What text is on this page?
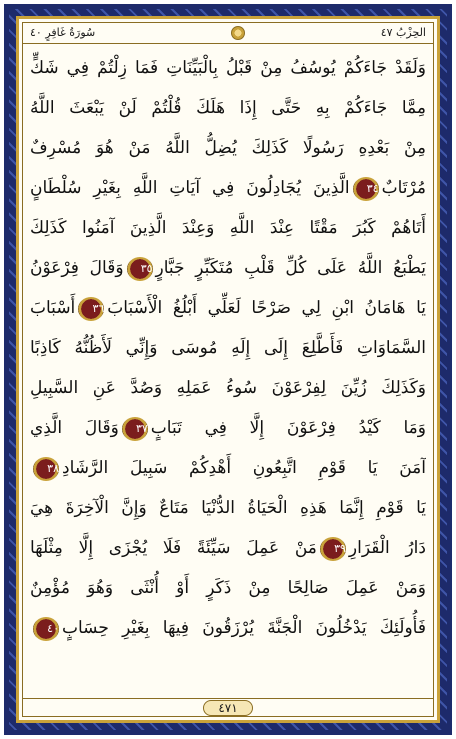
الحِزْبُ ٤٧
سُورَةُ غَافِرٍ ٤٠
وَلَقَدْ جَاءَكُمْ يُوسُفُ مِنْ قَبْلُ بِالْبَيِّنَاتِ فَمَا زِلْتُمْ فِي شَكٍّ
مِمَّا جَاءَكُمْ بِهِ حَتَّى إِذَا هَلَكَ قُلْتُمْ لَنْ يَبْعَثَ اللَّهُ
مِنْ بَعْدِهِ رَسُولًا كَذَلِكَ يُضِلُّ اللَّهُ مَنْ هُوَ مُسْرِفٌ
مُرْتَابٌ٣٤الَّذِينَ يُجَادِلُونَ فِي آيَاتِ اللَّهِ بِغَيْرِ سُلْطَانٍ
أَتَاهُمْ كَبُرَ مَقْتًا عِنْدَ اللَّهِ وَعِنْدَ الَّذِينَ آمَنُوا كَذَلِكَ
يَطْبَعُ اللَّهُ عَلَى كُلِّ قَلْبِ مُتَكَبِّرٍ جَبَّارٍ٣٥وَقَالَ فِرْعَوْنُ
يَا هَامَانُ ابْنِ لِي صَرْحًا لَعَلِّي أَبْلُغُ الْأَسْبَابَ٣٦أَسْبَابَ
السَّمَاوَاتِ فَأَطَّلِعَ إِلَى إِلَهِ مُوسَى وَإِنِّي لَأَظُنُّهُ كَاذِبًا
وَكَذَلِكَ زُيِّنَ لِفِرْعَوْنَ سُوءُ عَمَلِهِ وَصُدَّ عَنِ السَّبِيلِ
وَمَا كَيْدُ فِرْعَوْنَ إِلَّا فِي تَبَابٍ٣٧وَقَالَ الَّذِي
آمَنَ يَا قَوْمِ اتَّبِعُونِ أَهْدِكُمْ سَبِيلَ الرَّشَادِ٣٨
يَا قَوْمِ إِنَّمَا هَذِهِ الْحَيَاةُ الدُّنْيَا مَتَاعٌ وَإِنَّ الْآخِرَةَ هِيَ
دَارُ الْقَرَارِ٣٩مَنْ عَمِلَ سَيِّئَةً فَلَا يُجْزَى إِلَّا مِثْلَهَا
وَمَنْ عَمِلَ صَالِحًا مِنْ ذَكَرٍ أَوْ أُنْثَى وَهُوَ مُؤْمِنٌ
فَأُولَئِكَ يَدْخُلُونَ الْجَنَّةَ يُرْزَقُونَ فِيهَا بِغَيْرِ حِسَابٍ٤٠
٤٧١
